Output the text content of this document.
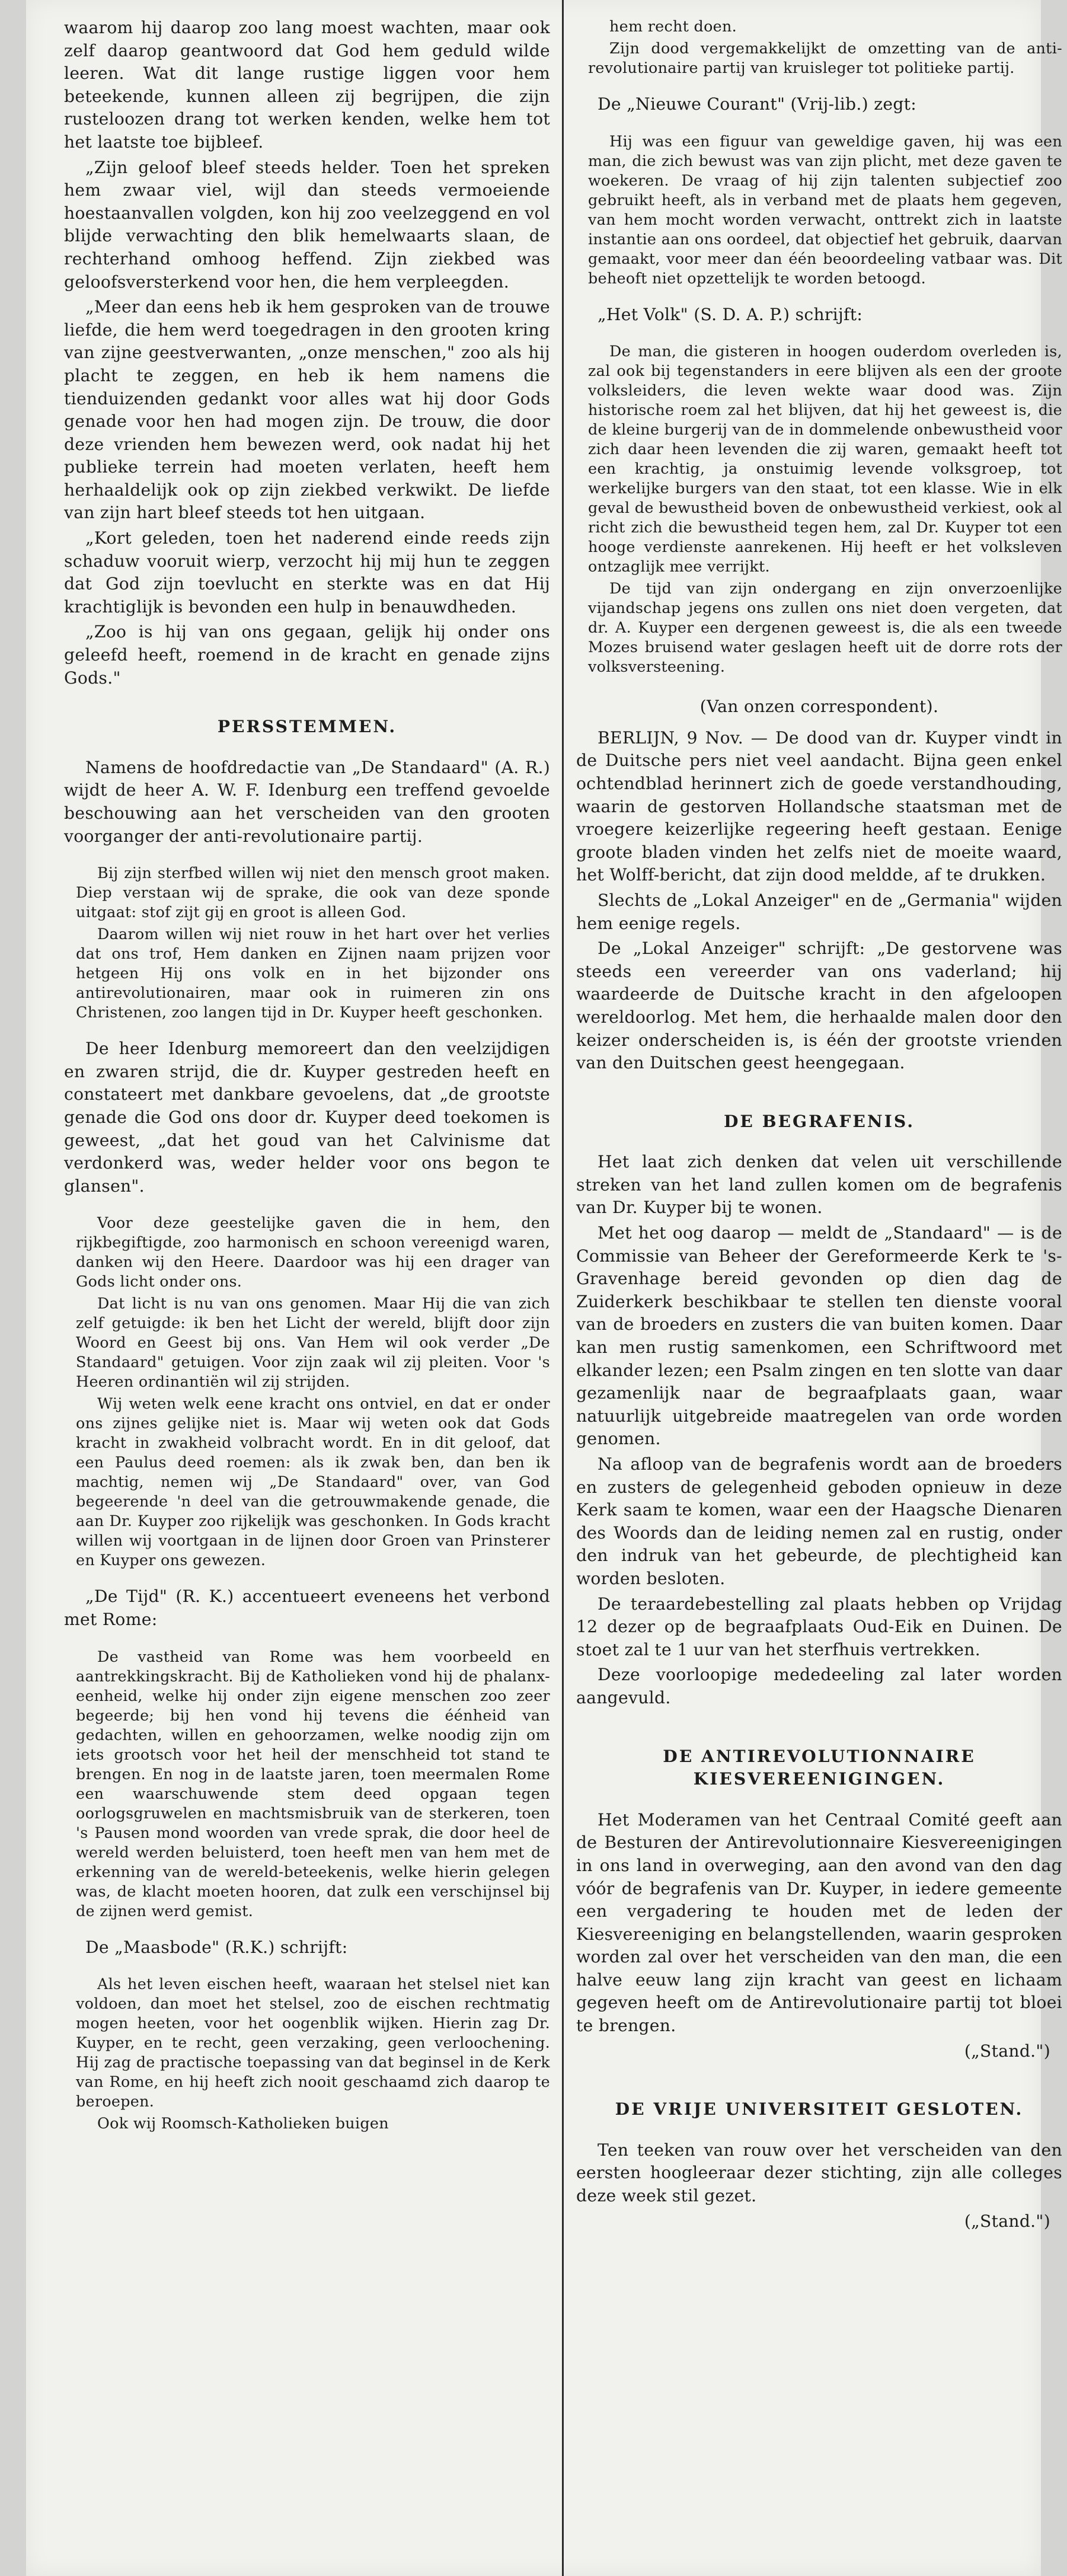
waarom hij daarop zoo lang moest wachten, maar ook zelf daarop geantwoord dat God hem geduld wilde leeren. Wat dit lange rustige liggen voor hem beteekende, kunnen alleen zij begrijpen, die zijn rusteloozen drang tot werken kenden, welke hem tot het laatste toe bijbleef.

„Zijn geloof bleef steeds helder. Toen het spreken hem zwaar viel, wijl dan steeds vermoeiende hoestaanvallen volgden, kon hij zoo veelzeggend en vol blijde verwachting den blik hemelwaarts slaan, de rechterhand omhoog heffend. Zijn ziekbed was geloofsversterkend voor hen, die hem verpleegden.

„Meer dan eens heb ik hem gesproken van de trouwe liefde, die hem werd toegedragen in den grooten kring van zijne geestverwanten, „onze menschen," zoo als hij placht te zeggen, en heb ik hem namens die tienduizenden gedankt voor alles wat hij door Gods genade voor hen had mogen zijn. De trouw, die door deze vrienden hem bewezen werd, ook nadat hij het publieke terrein had moeten verlaten, heeft hem herhaaldelijk ook op zijn ziekbed verkwikt. De liefde van zijn hart bleef steeds tot hen uitgaan.

„Kort geleden, toen het naderend einde reeds zijn schaduw vooruit wierp, verzocht hij mij hun te zeggen dat God zijn toevlucht en sterkte was en dat Hij krachtiglijk is bevonden een hulp in benauwdheden.

„Zoo is hij van ons gegaan, gelijk hij onder ons geleefd heeft, roemend in de kracht en genade zijns Gods."

PERSSTEMMEN.

Namens de hoofdredactie van „De Standaard" (A. R.) wijdt de heer A. W. F. Idenburg een treffend gevoelde beschouwing aan het verscheiden van den grooten voorganger der anti-revolutionaire partij.

Bij zijn sterfbed willen wij niet den mensch groot maken. Diep verstaan wij de sprake, die ook van deze sponde uitgaat: stof zijt gij en groot is alleen God.

Daarom willen wij niet rouw in het hart over het verlies dat ons trof, Hem danken en Zijnen naam prijzen voor hetgeen Hij ons volk en in het bijzonder ons antirevolutionairen, maar ook in ruimeren zin ons Christenen, zoo langen tijd in Dr. Kuyper heeft geschonken.

De heer Idenburg memoreert dan den veelzijdigen en zwaren strijd, die dr. Kuyper gestreden heeft en constateert met dankbare gevoelens, dat „de grootste genade die God ons door dr. Kuyper deed toekomen is geweest, „dat het goud van het Calvinisme dat verdonkerd was, weder helder voor ons begon te glansen".

Voor deze geestelijke gaven die in hem, den rijkbegiftigde, zoo harmonisch en schoon vereenigd waren, danken wij den Heere. Daardoor was hij een drager van Gods licht onder ons.

Dat licht is nu van ons genomen. Maar Hij die van zich zelf getuigde: ik ben het Licht der wereld, blijft door zijn Woord en Geest bij ons. Van Hem wil ook verder „De Standaard" getuigen. Voor zijn zaak wil zij pleiten. Voor 's Heeren ordinantiën wil zij strijden.

Wij weten welk eene kracht ons ontviel, en dat er onder ons zijnes gelijke niet is. Maar wij weten ook dat Gods kracht in zwakheid volbracht wordt. En in dit geloof, dat een Paulus deed roemen: als ik zwak ben, dan ben ik machtig, nemen wij „De Standaard" over, van God begeerende 'n deel van die getrouwmakende genade, die aan Dr. Kuyper zoo rijkelijk was geschonken. In Gods kracht willen wij voortgaan in de lijnen door Groen van Prinsterer en Kuyper ons gewezen.

„De Tijd" (R. K.) accentueert eveneens het verbond met Rome:

De vastheid van Rome was hem voorbeeld en aantrekkingskracht. Bij de Katholieken vond hij de phalanx-eenheid, welke hij onder zijn eigene menschen zoo zeer begeerde; bij hen vond hij tevens die éénheid van gedachten, willen en gehoorzamen, welke noodig zijn om iets grootsch voor het heil der menschheid tot stand te brengen. En nog in de laatste jaren, toen meermalen Rome een waarschuwende stem deed opgaan tegen oorlogsgruwelen en machtsmisbruik van de sterkeren, toen 's Pausen mond woorden van vrede sprak, die door heel de wereld werden beluisterd, toen heeft men van hem met de erkenning van de wereld-beteekenis, welke hierin gelegen was, de klacht moeten hooren, dat zulk een verschijnsel bij de zijnen werd gemist.

De „Maasbode" (R.K.) schrijft:

Als het leven eischen heeft, waaraan het stelsel niet kan voldoen, dan moet het stelsel, zoo de eischen rechtmatig mogen heeten, voor het oogenblik wijken. Hierin zag Dr. Kuyper, en te recht, geen verzaking, geen verloochening. Hij zag de practische toepassing van dat beginsel in de Kerk van Rome, en hij heeft zich nooit geschaamd zich daarop te beroepen.

Ook wij Roomsch-Katholieken buigen

hem recht doen.

Zijn dood vergemakkelijkt de omzetting van de anti-revolutionaire partij van kruisleger tot politieke partij.

De „Nieuwe Courant" (Vrij-lib.) zegt:

Hij was een figuur van geweldige gaven, hij was een man, die zich bewust was van zijn plicht, met deze gaven te woekeren. De vraag of hij zijn talenten subjectief zoo gebruikt heeft, als in verband met de plaats hem gegeven, van hem mocht worden verwacht, onttrekt zich in laatste instantie aan ons oordeel, dat objectief het gebruik, daarvan gemaakt, voor meer dan één beoordeeling vatbaar was. Dit beheoft niet opzettelijk te worden betoogd.

„Het Volk" (S. D. A. P.) schrijft:

De man, die gisteren in hoogen ouderdom overleden is, zal ook bij tegenstanders in eere blijven als een der groote volksleiders, die leven wekte waar dood was. Zijn historische roem zal het blijven, dat hij het geweest is, die de kleine burgerij van de in dommelende onbewustheid voor zich daar heen levenden die zij waren, gemaakt heeft tot een krachtig, ja onstuimig levende volksgroep, tot werkelijke burgers van den staat, tot een klasse. Wie in elk geval de bewustheid boven de onbewustheid verkiest, ook al richt zich die bewustheid tegen hem, zal Dr. Kuyper tot een hooge verdienste aanrekenen. Hij heeft er het volksleven ontzaglijk mee verrijkt.

De tijd van zijn ondergang en zijn onverzoenlijke vijandschap jegens ons zullen ons niet doen vergeten, dat dr. A. Kuyper een dergenen geweest is, die als een tweede Mozes bruisend water geslagen heeft uit de dorre rots der volksversteening.

(Van onzen correspondent).

BERLIJN, 9 Nov. — De dood van dr. Kuyper vindt in de Duitsche pers niet veel aandacht. Bijna geen enkel ochtendblad herinnert zich de goede verstandhouding, waarin de gestorven Hollandsche staatsman met de vroegere keizerlijke regeering heeft gestaan. Eenige groote bladen vinden het zelfs niet de moeite waard, het Wolff-bericht, dat zijn dood meldde, af te drukken.

Slechts de „Lokal Anzeiger" en de „Germania" wijden hem eenige regels.

De „Lokal Anzeiger" schrijft: „De gestorvene was steeds een vereerder van ons vaderland; hij waardeerde de Duitsche kracht in den afgeloopen wereldoorlog. Met hem, die herhaalde malen door den keizer onderscheiden is, is één der grootste vrienden van den Duitschen geest heengegaan.

DE BEGRAFENIS.

Het laat zich denken dat velen uit verschillende streken van het land zullen komen om de begrafenis van Dr. Kuyper bij te wonen.

Met het oog daarop — meldt de „Standaard" — is de Commissie van Beheer der Gereformeerde Kerk te 's-Gravenhage bereid gevonden op dien dag de Zuiderkerk beschikbaar te stellen ten dienste vooral van de broeders en zusters die van buiten komen. Daar kan men rustig samenkomen, een Schriftwoord met elkander lezen; een Psalm zingen en ten slotte van daar gezamenlijk naar de begraafplaats gaan, waar natuurlijk uitgebreide maatregelen van orde worden genomen.

Na afloop van de begrafenis wordt aan de broeders en zusters de gelegenheid geboden opnieuw in deze Kerk saam te komen, waar een der Haagsche Dienaren des Woords dan de leiding nemen zal en rustig, onder den indruk van het gebeurde, de plechtigheid kan worden besloten.

De teraardebestelling zal plaats hebben op Vrijdag 12 dezer op de begraafplaats Oud-Eik en Duinen. De stoet zal te 1 uur van het sterfhuis vertrekken.

Deze voorloopige mededeeling zal later worden aangevuld.

DE ANTIREVOLUTIONNAIRE KIESVEREENIGINGEN.

Het Moderamen van het Centraal Comité geeft aan de Besturen der Antirevolutionnaire Kiesvereenigingen in ons land in overweging, aan den avond van den dag vóór de begrafenis van Dr. Kuyper, in iedere gemeente een vergadering te houden met de leden der Kiesvereeniging en belangstellenden, waarin gesproken worden zal over het verscheiden van den man, die een halve eeuw lang zijn kracht van geest en lichaam gegeven heeft om de Antirevolutionaire partij tot bloei te brengen.

(„Stand.")
DE VRIJE UNIVERSITEIT GESLOTEN.

Ten teeken van rouw over het verscheiden van den eersten hoogleeraar dezer stichting, zijn alle colleges deze week stil gezet.

(„Stand.")
